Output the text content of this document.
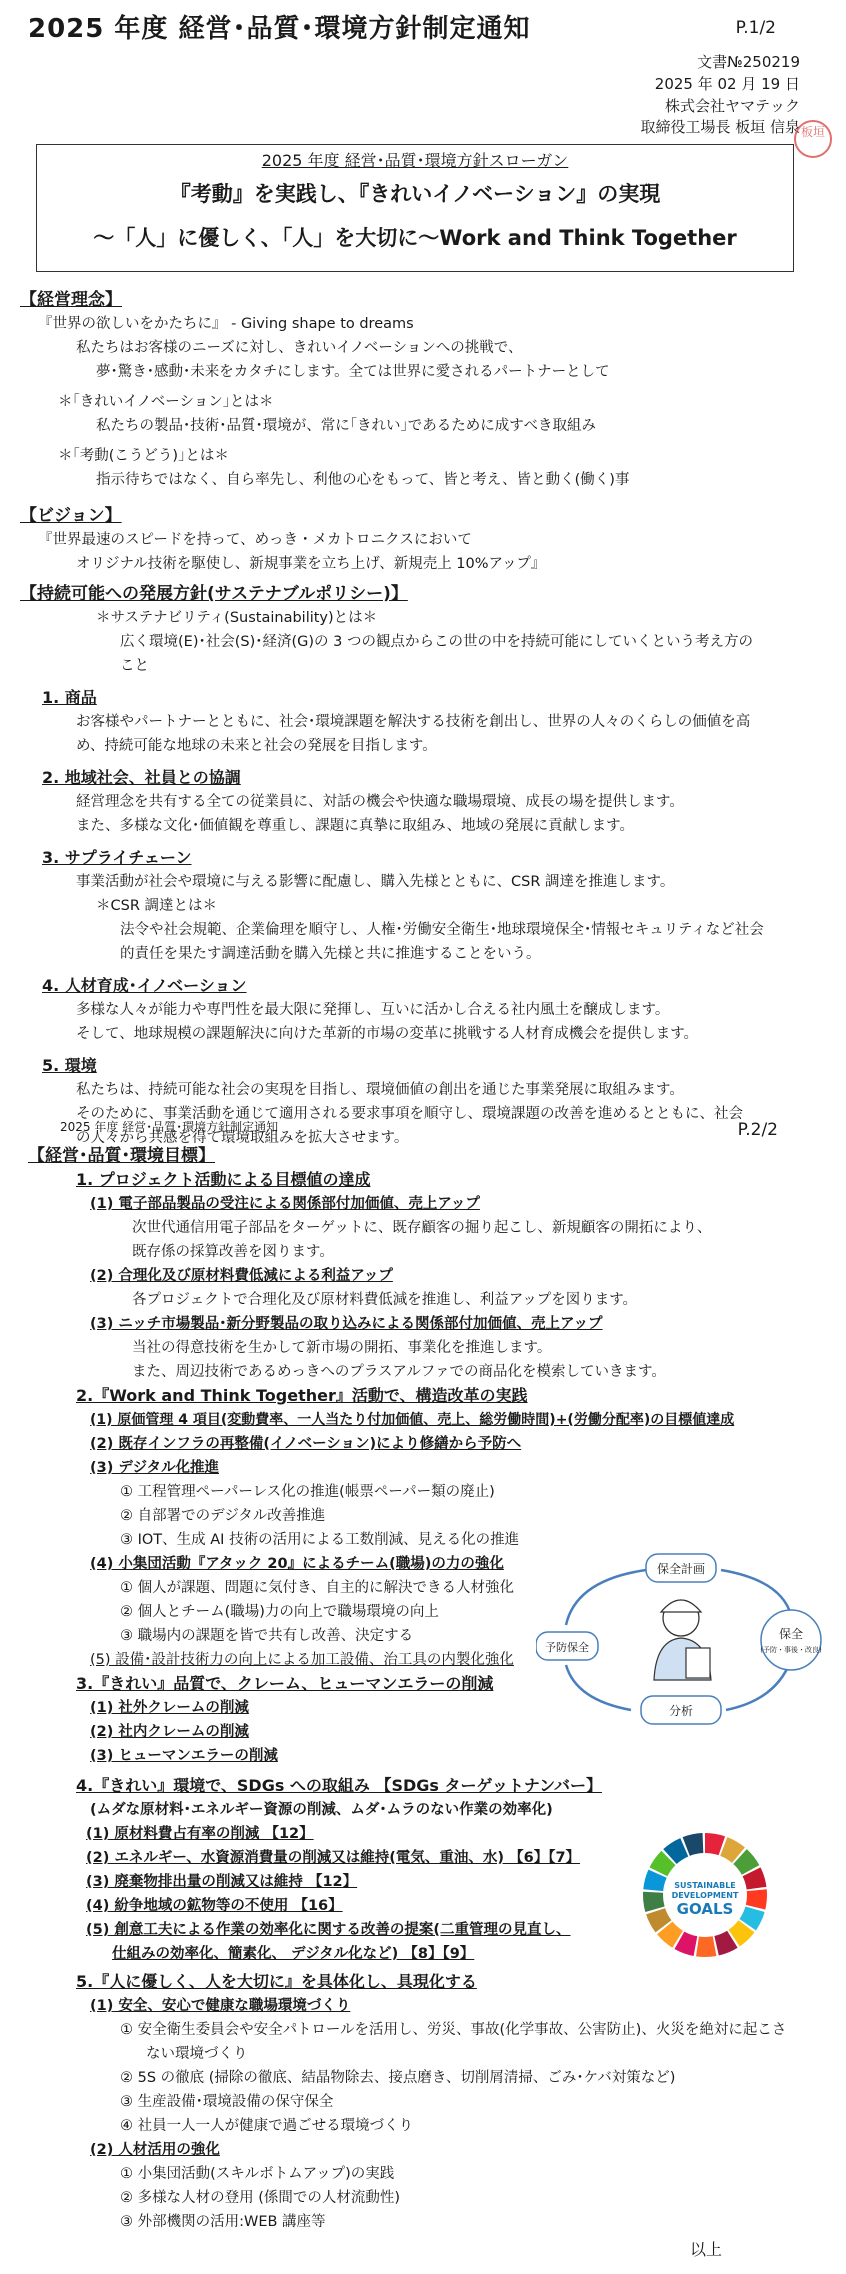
2025 年度 経営･品質･環境方針制定通知	P.1/2
文書№250219
2025 年 02 月 19 日
株式会社ヤマテック
取締役工場長 板垣 信泉 板垣
2025 年度 経営･品質･環境方針スローガン
『考動』を実践し、『きれいイノベーション』の実現
～「人」に優しく、「人」を大切に～Work and Think Together
【経営理念】
『世界の欲しいをかたちに』 - Giving shape to dreams
私たちはお客様のニーズに対し、きれいイノベーションへの挑戦で、
夢･驚き･感動･未来をカタチにします。全ては世界に愛されるパートナーとして
＊｢きれいイノベーション｣とは＊
私たちの製品･技術･品質･環境が、常に｢きれい｣であるために成すべき取組み
＊｢考動(こうどう)｣とは＊
指示待ちではなく、自ら率先し、利他の心をもって、皆と考え、皆と動く(働く)事
【ビジョン】
『世界最速のスピードを持って、めっき・メカトロニクスにおいて
オリジナル技術を駆使し、新規事業を立ち上げ、新規売上 10%アップ』
【持続可能への発展方針(サステナブルポリシー)】
＊サステナビリティ(Sustainability)とは＊
広く環境(E)･社会(S)･経済(G)の 3 つの観点からこの世の中を持続可能にしていくという考え方の
こと
1. 商品
お客様やパートナーとともに、社会･環境課題を解決する技術を創出し、世界の人々のくらしの価値を高
め、持続可能な地球の未来と社会の発展を目指します。
2. 地域社会、社員との協調
経営理念を共有する全ての従業員に、対話の機会や快適な職場環境、成長の場を提供します。
また、多様な文化･価値観を尊重し、課題に真摯に取組み、地域の発展に貢献します。
3. サプライチェーン
事業活動が社会や環境に与える影響に配慮し、購入先様とともに、CSR 調達を推進します。
＊CSR 調達とは＊
法令や社会規範、企業倫理を順守し、人権･労働安全衛生･地球環境保全･情報セキュリティなど社会
的責任を果たす調達活動を購入先様と共に推進することをいう。
4. 人材育成･イノベーション
多様な人々が能力や専門性を最大限に発揮し、互いに活かし合える社内風土を醸成します。
そして、地球規模の課題解決に向けた革新的市場の変革に挑戦する人材育成機会を提供します。
5. 環境
私たちは、持続可能な社会の実現を目指し、環境価値の創出を通じた事業発展に取組みます。
そのために、事業活動を通じて適用される要求事項を順守し、環境課題の改善を進めるとともに、社会
の人々から共感を得て環境取組みを拡大させます。
2025 年度 経営･品質･環境方針制定通知	P.2/2
【経営･品質･環境目標】
1. プロジェクト活動による目標値の達成
(1) 電子部品製品の受注による関係部付加価値、売上アップ
次世代通信用電子部品をターゲットに、既存顧客の掘り起こし、新規顧客の開拓により、
既存係の採算改善を図ります。
(2) 合理化及び原材料費低減による利益アップ
各プロジェクトで合理化及び原材料費低減を推進し、利益アップを図ります。
(3) ニッチ市場製品･新分野製品の取り込みによる関係部付加価値、売上アップ
当社の得意技術を生かして新市場の開拓、事業化を推進します。
また、周辺技術であるめっきへのプラスアルファでの商品化を模索していきます。
2.『Work and Think Together』活動で、構造改革の実践
(1) 原価管理 4 項目(変動費率、一人当たり付加価値、売上、総労働時間)+(労働分配率)の目標値達成
(2) 既存インフラの再整備(イノベーション)により修繕から予防へ
(3) デジタル化推進
① 工程管理ペーパーレス化の推進(帳票ペーパー類の廃止)
② 自部署でのデジタル改善推進
③ IOT、生成 AI 技術の活用による工数削減、見える化の推進
(4) 小集団活動『アタック 20』によるチーム(職場)の力の強化
① 個人が課題、問題に気付き、自主的に解決できる人材強化
② 個人とチーム(職場)力の向上で職場環境の向上
③ 職場内の課題を皆で共有し改善、決定する
(5) 設備･設計技術力の向上による加工設備、治工具の内製化強化
3.『きれい』品質で、クレーム、ヒューマンエラーの削減
(1) 社外クレームの削減
(2) 社内クレームの削減
(3) ヒューマンエラーの削減
4.『きれい』環境で、SDGs への取組み 【SDGs ターゲットナンバー】
(ムダな原材料･エネルギー資源の削減、ムダ･ムラのない作業の効率化)
(1) 原材料費占有率の削減 【12】
(2) エネルギー、水資源消費量の削減又は維持(電気、重油、水) 【6】【7】
(3) 廃棄物排出量の削減又は維持 【12】
(4) 紛争地域の鉱物等の不使用 【16】
(5) 創意工夫による作業の効率化に関する改善の提案(二重管理の見直し、
仕組みの効率化、簡素化、 デジタル化など) 【8】【9】
5.『人に優しく、人を大切に』を具体化し、具現化する
(1) 安全、安心で健康な職場環境づくり
① 安全衛生委員会や安全パトロールを活用し、労災、事故(化学事故、公害防止)、火災を絶対に起こさ
ない環境づくり
② 5S の徹底 (掃除の徹底、結晶物除去、接点磨き、切削屑清掃、ごみ･ケバ対策など)
③ 生産設備･環境設備の保守保全
④ 社員一人一人が健康で過ごせる環境づくり
(2) 人材活用の強化
① 小集団活動(スキルボトムアップ)の実践
② 多様な人材の登用 (係間での人材流動性)
③ 外部機関の活用:WEB 講座等
以上
保全計画
保全
(予防・事後・改良)
分析
予防保全
SUSTAINABLE
DEVELOPMENT
GOALS
